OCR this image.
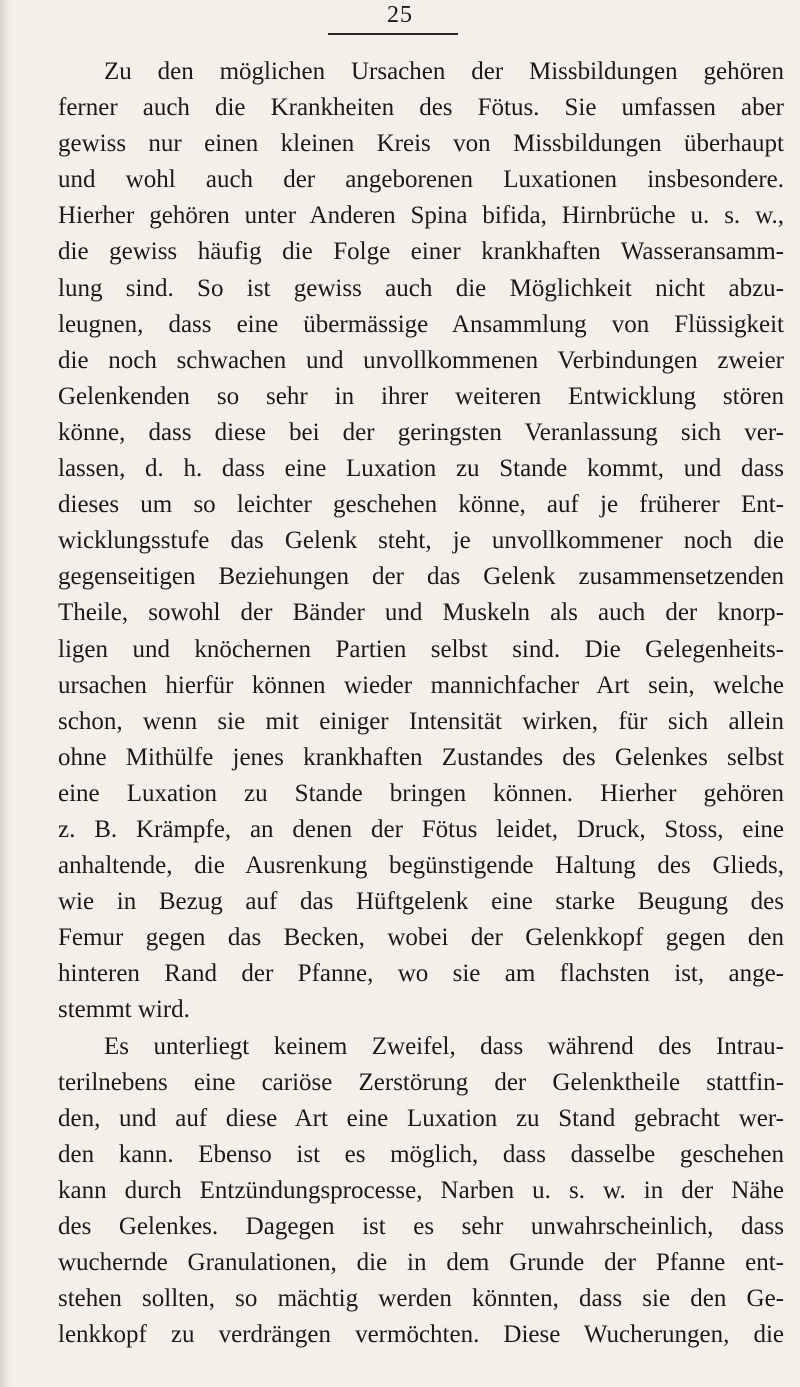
25
Zu den möglichen Ursachen der Missbildungen gehören
ferner auch die Krankheiten des Fötus. Sie umfassen aber
gewiss nur einen kleinen Kreis von Missbildungen überhaupt
und wohl auch der angeborenen Luxationen insbesondere.
Hierher gehören unter Anderen Spina bifida, Hirnbrüche u. s. w.,
die gewiss häufig die Folge einer krankhaften Wasseransamm-
lung sind. So ist gewiss auch die Möglichkeit nicht abzu-
leugnen, dass eine übermässige Ansammlung von Flüssigkeit
die noch schwachen und unvollkommenen Verbindungen zweier
Gelenkenden so sehr in ihrer weiteren Entwicklung stören
könne, dass diese bei der geringsten Veranlassung sich ver-
lassen, d. h. dass eine Luxation zu Stande kommt, und dass
dieses um so leichter geschehen könne, auf je früherer Ent-
wicklungsstufe das Gelenk steht, je unvollkommener noch die
gegenseitigen Beziehungen der das Gelenk zusammensetzenden
Theile, sowohl der Bänder und Muskeln als auch der knorp-
ligen und knöchernen Partien selbst sind. Die Gelegenheits-
ursachen hierfür können wieder mannichfacher Art sein, welche
schon, wenn sie mit einiger Intensität wirken, für sich allein
ohne Mithülfe jenes krankhaften Zustandes des Gelenkes selbst
eine Luxation zu Stande bringen können. Hierher gehören
z. B. Krämpfe, an denen der Fötus leidet, Druck, Stoss, eine
anhaltende, die Ausrenkung begünstigende Haltung des Glieds,
wie in Bezug auf das Hüftgelenk eine starke Beugung des
Femur gegen das Becken, wobei der Gelenkkopf gegen den
hinteren Rand der Pfanne, wo sie am flachsten ist, ange-
stemmt wird.
Es unterliegt keinem Zweifel, dass während des Intrau-
terilnebens eine cariöse Zerstörung der Gelenktheile stattfin-
den, und auf diese Art eine Luxation zu Stand gebracht wer-
den kann. Ebenso ist es möglich, dass dasselbe geschehen
kann durch Entzündungsprocesse, Narben u. s. w. in der Nähe
des Gelenkes. Dagegen ist es sehr unwahrscheinlich, dass
wuchernde Granulationen, die in dem Grunde der Pfanne ent-
stehen sollten, so mächtig werden könnten, dass sie den Ge-
lenkkopf zu verdrängen vermöchten. Diese Wucherungen, die
